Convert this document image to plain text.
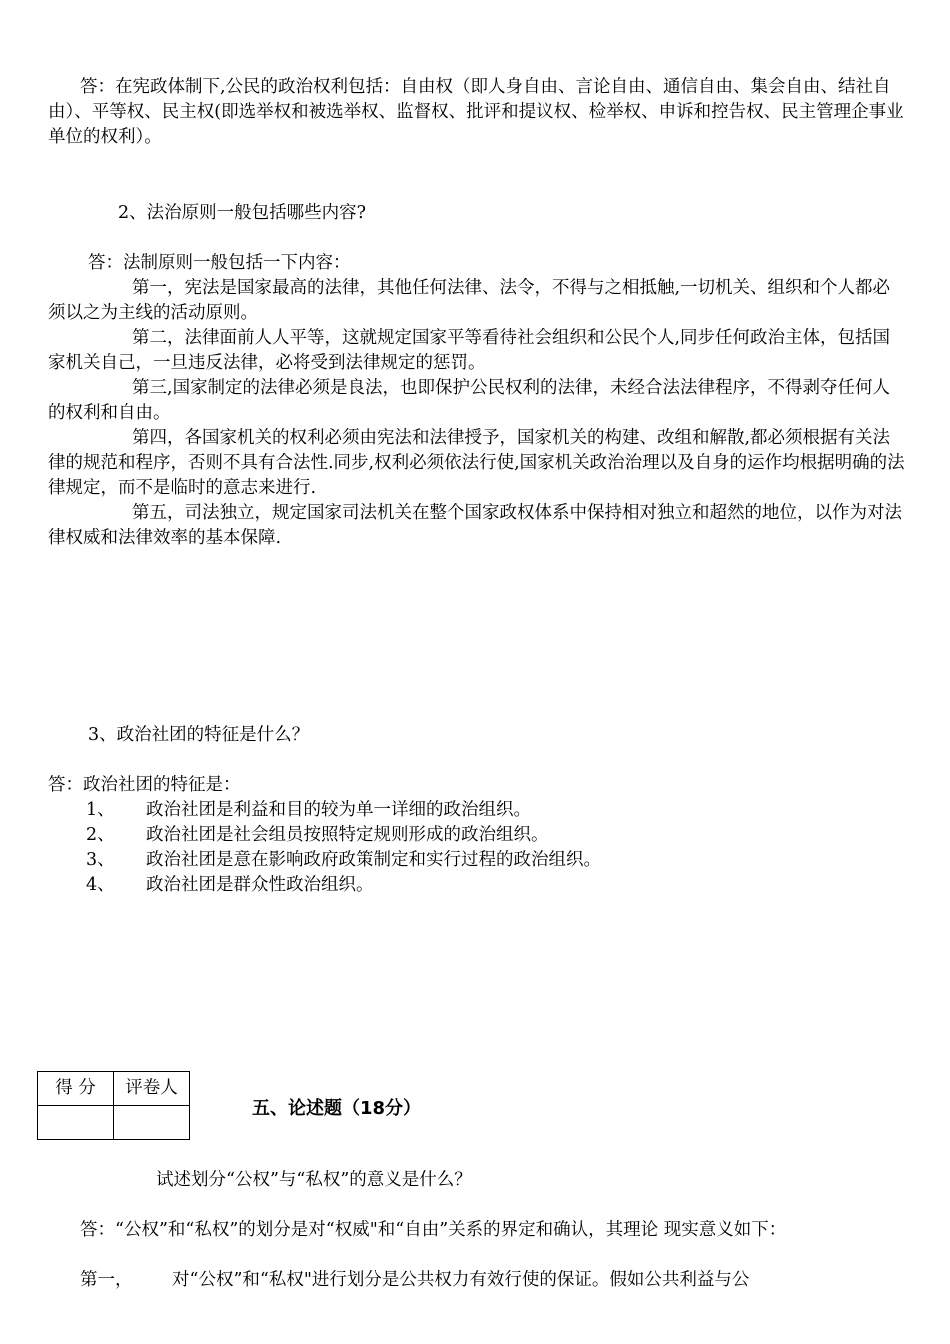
答：在宪政体制下,公民的政治权利包括：自由权（即人身自由、言论自由、通信自由、集会自由、结社自由）、平等权、民主权(即选举权和被选举权、监督权、批评和提议权、检举权、申诉和控告权、民主管理企事业单位的权利）。
2、法治原则一般包括哪些内容?
答：法制原则一般包括一下内容：
第一，宪法是国家最高的法律，其他任何法律、法令，不得与之相抵触,一切机关、组织和个人都必须以之为主线的活动原则。
第二，法律面前人人平等，这就规定国家平等看待社会组织和公民个人,同步任何政治主体，包括国家机关自己，一旦违反法律，必将受到法律规定的惩罚。
第三,国家制定的法律必须是良法，也即保护公民权利的法律，未经合法法律程序，不得剥夺任何人的权利和自由。
第四，各国家机关的权利必须由宪法和法律授予，国家机关的构建、改组和解散,都必须根据有关法律的规范和程序，否则不具有合法性.同步,权利必须依法行使,国家机关政治治理以及自身的运作均根据明确的法律规定，而不是临时的意志来进行.
第五，司法独立，规定国家司法机关在整个国家政权体系中保持相对独立和超然的地位，以作为对法律权威和法律效率的基本保障.
3、政治社团的特征是什么？
答：政治社团的特征是：
1、 政治社团是利益和目的较为单一详细的政治组织。
2、 政治社团是社会组员按照特定规则形成的政治组织。
3、 政治社团是意在影响政府政策制定和实行过程的政治组织。
4、 政治社团是群众性政治组织。
得 分	评卷人

五、论述题（18分）
试述划分“公权”与“私权”的意义是什么？
答：“公权”和“私权”的划分是对“权威"和“自由”关系的界定和确认，其理论 现实意义如下：
第一， 对“公权”和“私权"进行划分是公共权力有效行使的保证。假如公共利益与公
